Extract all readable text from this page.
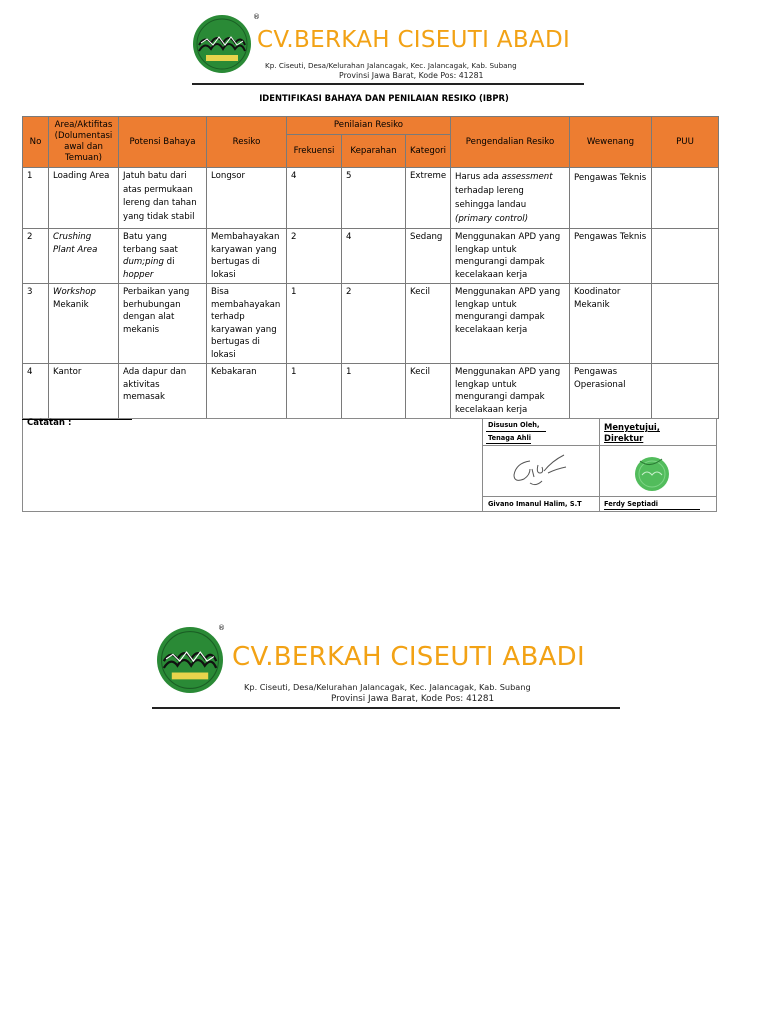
®
CV.BERKAH CISEUTI ABADI
Kp. Ciseuti, Desa/Kelurahan Jalancagak, Kec. Jalancagak, Kab. Subang
Provinsi Jawa Barat, Kode Pos: 41281
IDENTIFIKASI BAHAYA DAN PENILAIAN RESIKO (IBPR)
No	Area/Aktifitas (Dolumentasi awal dan Temuan)	Potensi Bahaya	Resiko	Penilaian Resiko			Pengendalian Resiko	Wewenang	PUU
				Frekuensi	Keparahan	Kategori			
1	Loading Area	Jatuh batu dari atas permukaan lereng dan tahan yang tidak stabil	Longsor	4	5	Extreme	Harus ada assessment terhadap lereng sehingga landau (primary control)	Pengawas Teknis	
2	Crushing Plant Area	Batu yang terbang saat dum;ping di hopper	Membahayakan karyawan yang bertugas di lokasi	2	4	Sedang	Menggunakan APD yang lengkap untuk mengurangi dampak kecelakaan kerja	Pengawas Teknis	
3	Workshop Mekanik	Perbaikan yang berhubungan dengan alat mekanis	Bisa membahayakan terhadp karyawan yang bertugas di lokasi	1	2	Kecil	Menggunakan APD yang lengkap untuk mengurangi dampak kecelakaan kerja	Koodinator Mekanik	
4	Kantor	Ada dapur dan aktivitas memasak	Kebakaran	1	1	Kecil	Menggunakan APD yang lengkap untuk mengurangi dampak kecelakaan kerja	Pengawas Operasional	
Catatan :	Disusun Oleh,
Tenaga Ahli
Menyetujui,
Direktur
Givano Imanul Halim, S.T	Ferdy Septiadi
®
CV.BERKAH CISEUTI ABADI
Kp. Ciseuti, Desa/Kelurahan Jalancagak, Kec. Jalancagak, Kab. Subang
Provinsi Jawa Barat, Kode Pos: 41281
